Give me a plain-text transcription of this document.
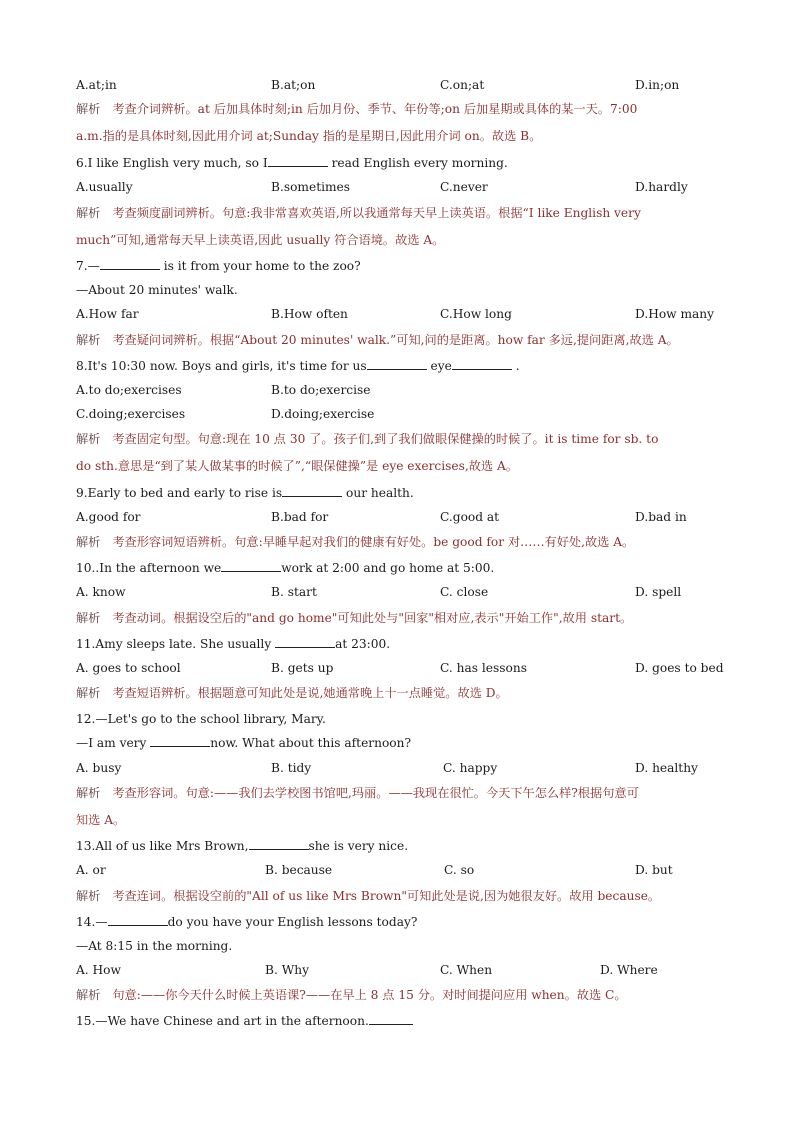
A.at;in	B.at;on	C.on;at	D.in;on
解析 考查介词辨析。at 后加具体时刻;in 后加月份、季节、年份等;on 后加星期或具体的某一天。7:00
a.m.指的是具体时刻,因此用介词 at;Sunday 指的是星期日,因此用介词 on。故选 B。
6.I like English very much, so I	read English every morning.
A.usually	B.sometimes	C.never	D.hardly
解析 考查频度副词辨析。句意:我非常喜欢英语,所以我通常每天早上读英语。根据“I like English very
much”可知,通常每天早上读英语,因此 usually 符合语境。故选 A。
7.—	is it from your home to the zoo?
—About 20 minutes' walk.
A.How far	B.How often	C.How long	D.How many
解析 考查疑问词辨析。根据“About 20 minutes' walk.”可知,问的是距离。how far 多远,提问距离,故选 A。
8.It's 10:30 now. Boys and girls, it's time for us	eye	.
A.to do;exercises	B.to do;exercise
C.doing;exercises	D.doing;exercise
解析 考查固定句型。句意:现在 10 点 30 了。孩子们,到了我们做眼保健操的时候了。it is time for sb. to
do sth.意思是“到了某人做某事的时候了”,“眼保健操”是 eye exercises,故选 A。
9.Early to bed and early to rise is	our health.
A.good for	B.bad for	C.good at	D.bad in
解析 考查形容词短语辨析。句意:早睡早起对我们的健康有好处。be good for 对……有好处,故选 A。
10..In the afternoon we	work at 2:00 and go home at 5:00.
A. know	B. start	C. close	D. spell
解析 考查动词。根据设空后的"and go home"可知此处与"回家"相对应,表示"开始工作",故用 start。
11.Amy sleeps late. She usually	at 23:00.
A. goes to school	B. gets up	C. has lessons	D. goes to bed
解析 考查短语辨析。根据题意可知此处是说,她通常晚上十一点睡觉。故选 D。
12.—Let's go to the school library, Mary.
—I am very	now. What about this afternoon?
A. busy	B. tidy	C. happy	D. healthy
解析 考查形容词。句意:——我们去学校图书馆吧,玛丽。——我现在很忙。今天下午怎么样?根据句意可
知选 A。
13.All of us like Mrs Brown,	she is very nice.
A. or	B. because	C. so	D. but
解析 考查连词。根据设空前的"All of us like Mrs Brown"可知此处是说,因为她很友好。故用 because。
14.—	do you have your English lessons today?
—At 8:15 in the morning.
A. How	B. Why	C. When	D. Where
解析 句意:——你今天什么时候上英语课?——在早上 8 点 15 分。对时间提问应用 when。故选 C。
15.—We have Chinese and art in the afternoon.
